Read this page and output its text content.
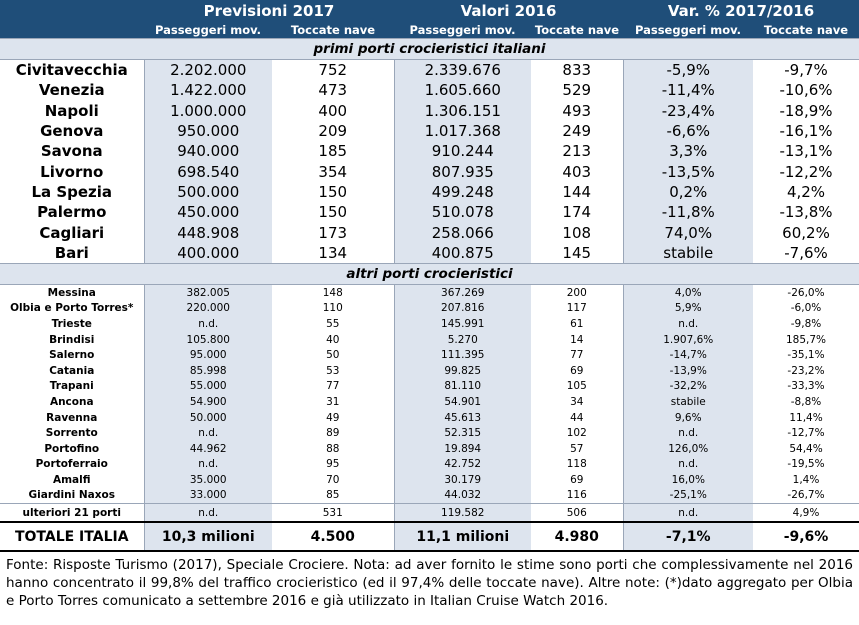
	Previsioni 2017		Valori 2016		Var. % 2017/2016	
	Passeggeri mov.	Toccate nave	Passeggeri mov.	Toccate nave	Passeggeri mov.	Toccate nave
primi porti crocieristici italiani						
Civitavecchia	2.202.000	752	2.339.676	833	-5,9%	-9,7%
Venezia	1.422.000	473	1.605.660	529	-11,4%	-10,6%
Napoli	1.000.000	400	1.306.151	493	-23,4%	-18,9%
Genova	950.000	209	1.017.368	249	-6,6%	-16,1%
Savona	940.000	185	910.244	213	3,3%	-13,1%
Livorno	698.540	354	807.935	403	-13,5%	-12,2%
La Spezia	500.000	150	499.248	144	0,2%	4,2%
Palermo	450.000	150	510.078	174	-11,8%	-13,8%
Cagliari	448.908	173	258.066	108	74,0%	60,2%
Bari	400.000	134	400.875	145	stabile	-7,6%
altri porti crocieristici						
Messina	382.005	148	367.269	200	4,0%	-26,0%
Olbia e Porto Torres*	220.000	110	207.816	117	5,9%	-6,0%
Trieste	n.d.	55	145.991	61	n.d.	-9,8%
Brindisi	105.800	40	5.270	14	1.907,6%	185,7%
Salerno	95.000	50	111.395	77	-14,7%	-35,1%
Catania	85.998	53	99.825	69	-13,9%	-23,2%
Trapani	55.000	77	81.110	105	-32,2%	-33,3%
Ancona	54.900	31	54.901	34	stabile	-8,8%
Ravenna	50.000	49	45.613	44	9,6%	11,4%
Sorrento	n.d.	89	52.315	102	n.d.	-12,7%
Portofino	44.962	88	19.894	57	126,0%	54,4%
Portoferraio	n.d.	95	42.752	118	n.d.	-19,5%
Amalfi	35.000	70	30.179	69	16,0%	1,4%
Giardini Naxos	33.000	85	44.032	116	-25,1%	-26,7%
ulteriori 21 porti	n.d.	531	119.582	506	n.d.	4,9%
TOTALE ITALIA	10,3 milioni	4.500	11,1 milioni	4.980	-7,1%	-9,6%
Fonte: Risposte Turismo (2017), Speciale Crociere. Nota: ad aver fornito le stime sono porti che complessivamente nel 2016 hanno concentrato il 99,8% del traffico crocieristico (ed il 97,4% delle toccate nave). Altre note: (*)dato aggregato per Olbia e Porto Torres comunicato a settembre 2016 e già utilizzato in Italian Cruise Watch 2016.
